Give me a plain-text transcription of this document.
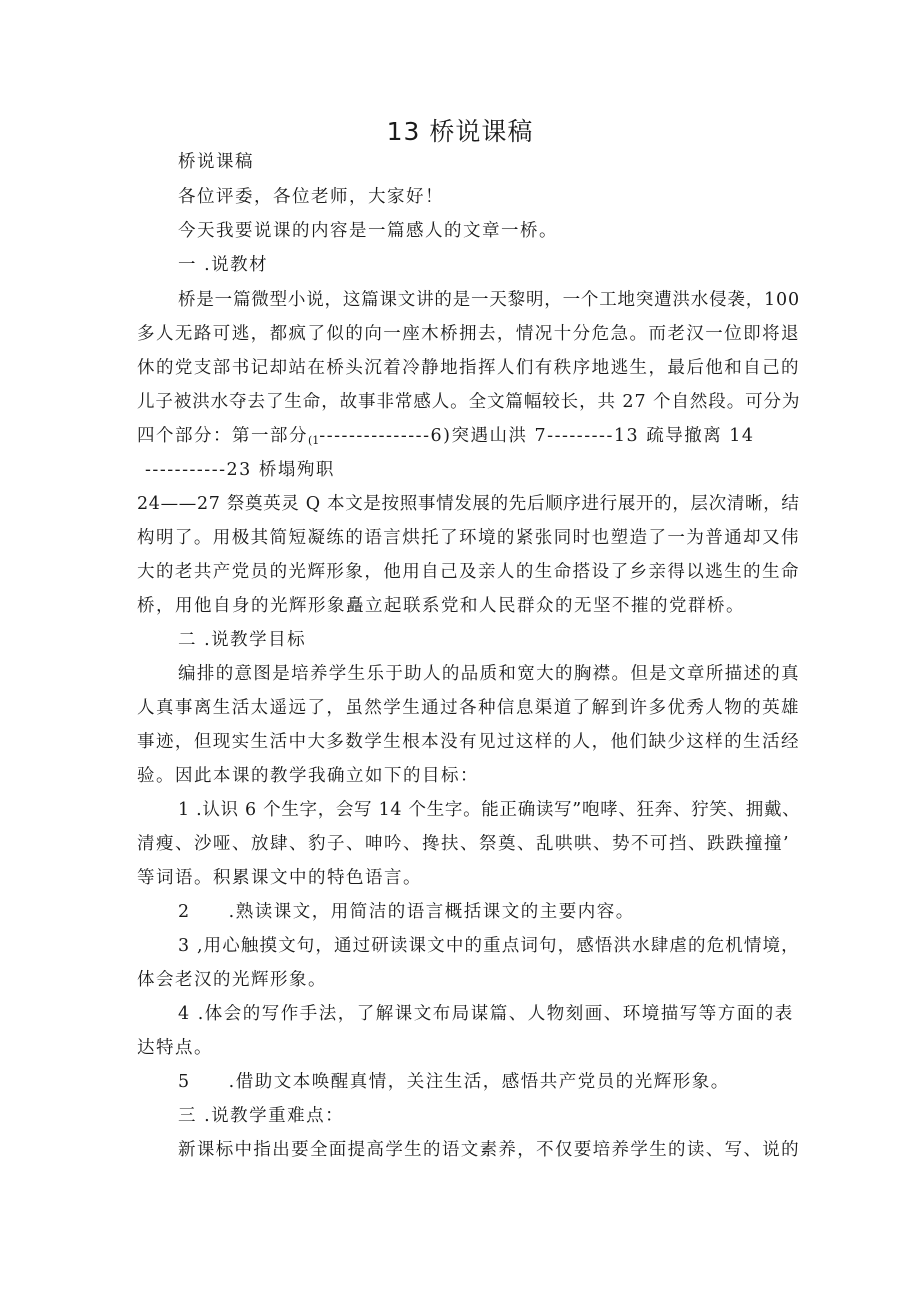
13 桥说课稿
桥说课稿
各位评委，各位老师，大家好！
今天我要说课的内容是一篇感人的文章一桥。
一 .说教材
桥是一篇微型小说，这篇课文讲的是一天黎明，一个工地突遭洪水侵袭，100
多人无路可逃，都疯了似的向一座木桥拥去，情况十分危急。而老汉一位即将退
休的党支部书记却站在桥头沉着冷静地指挥人们有秩序地逃生，最后他和自己的
儿子被洪水夺去了生命，故事非常感人。全文篇幅较长，共 27 个自然段。可分为
四个部分：第一部分(1---------------6)突遇山洪 7---------13 疏导撤离 14
-----------23 桥塌殉职
24——27 祭奠英灵 Q 本文是按照事情发展的先后顺序进行展开的，层次清晰，结
构明了。用极其简短凝练的语言烘托了环境的紧张同时也塑造了一为普通却又伟
大的老共产党员的光辉形象，他用自己及亲人的生命搭设了乡亲得以逃生的生命
桥，用他自身的光辉形象矗立起联系党和人民群众的无坚不摧的党群桥。
二 .说教学目标
编排的意图是培养学生乐于助人的品质和宽大的胸襟。但是文章所描述的真
人真事离生活太遥远了，虽然学生通过各种信息渠道了解到许多优秀人物的英雄
事迹，但现实生活中大多数学生根本没有见过这样的人，他们缺少这样的生活经
验。因此本课的教学我确立如下的目标：
1 .认识 6 个生字，会写 14 个生字。能正确读写”咆哮、狂奔、狞笑、拥戴、
清瘦、沙哑、放肆、豹子、呻吟、搀扶、祭奠、乱哄哄、势不可挡、跌跌撞撞’
等词语。积累课文中的特色语言。
2　　.熟读课文，用简洁的语言概括课文的主要内容。
3 ,用心触摸文句，通过研读课文中的重点词句，感悟洪水肆虐的危机情境，
体会老汉的光辉形象。
4 .体会的写作手法，了解课文布局谋篇、人物刻画、环境描写等方面的表
达特点。
5　　.借助文本唤醒真情，关注生活，感悟共产党员的光辉形象。
三 .说教学重难点：
新课标中指出要全面提高学生的语文素养，不仅要培养学生的读、写、说的
